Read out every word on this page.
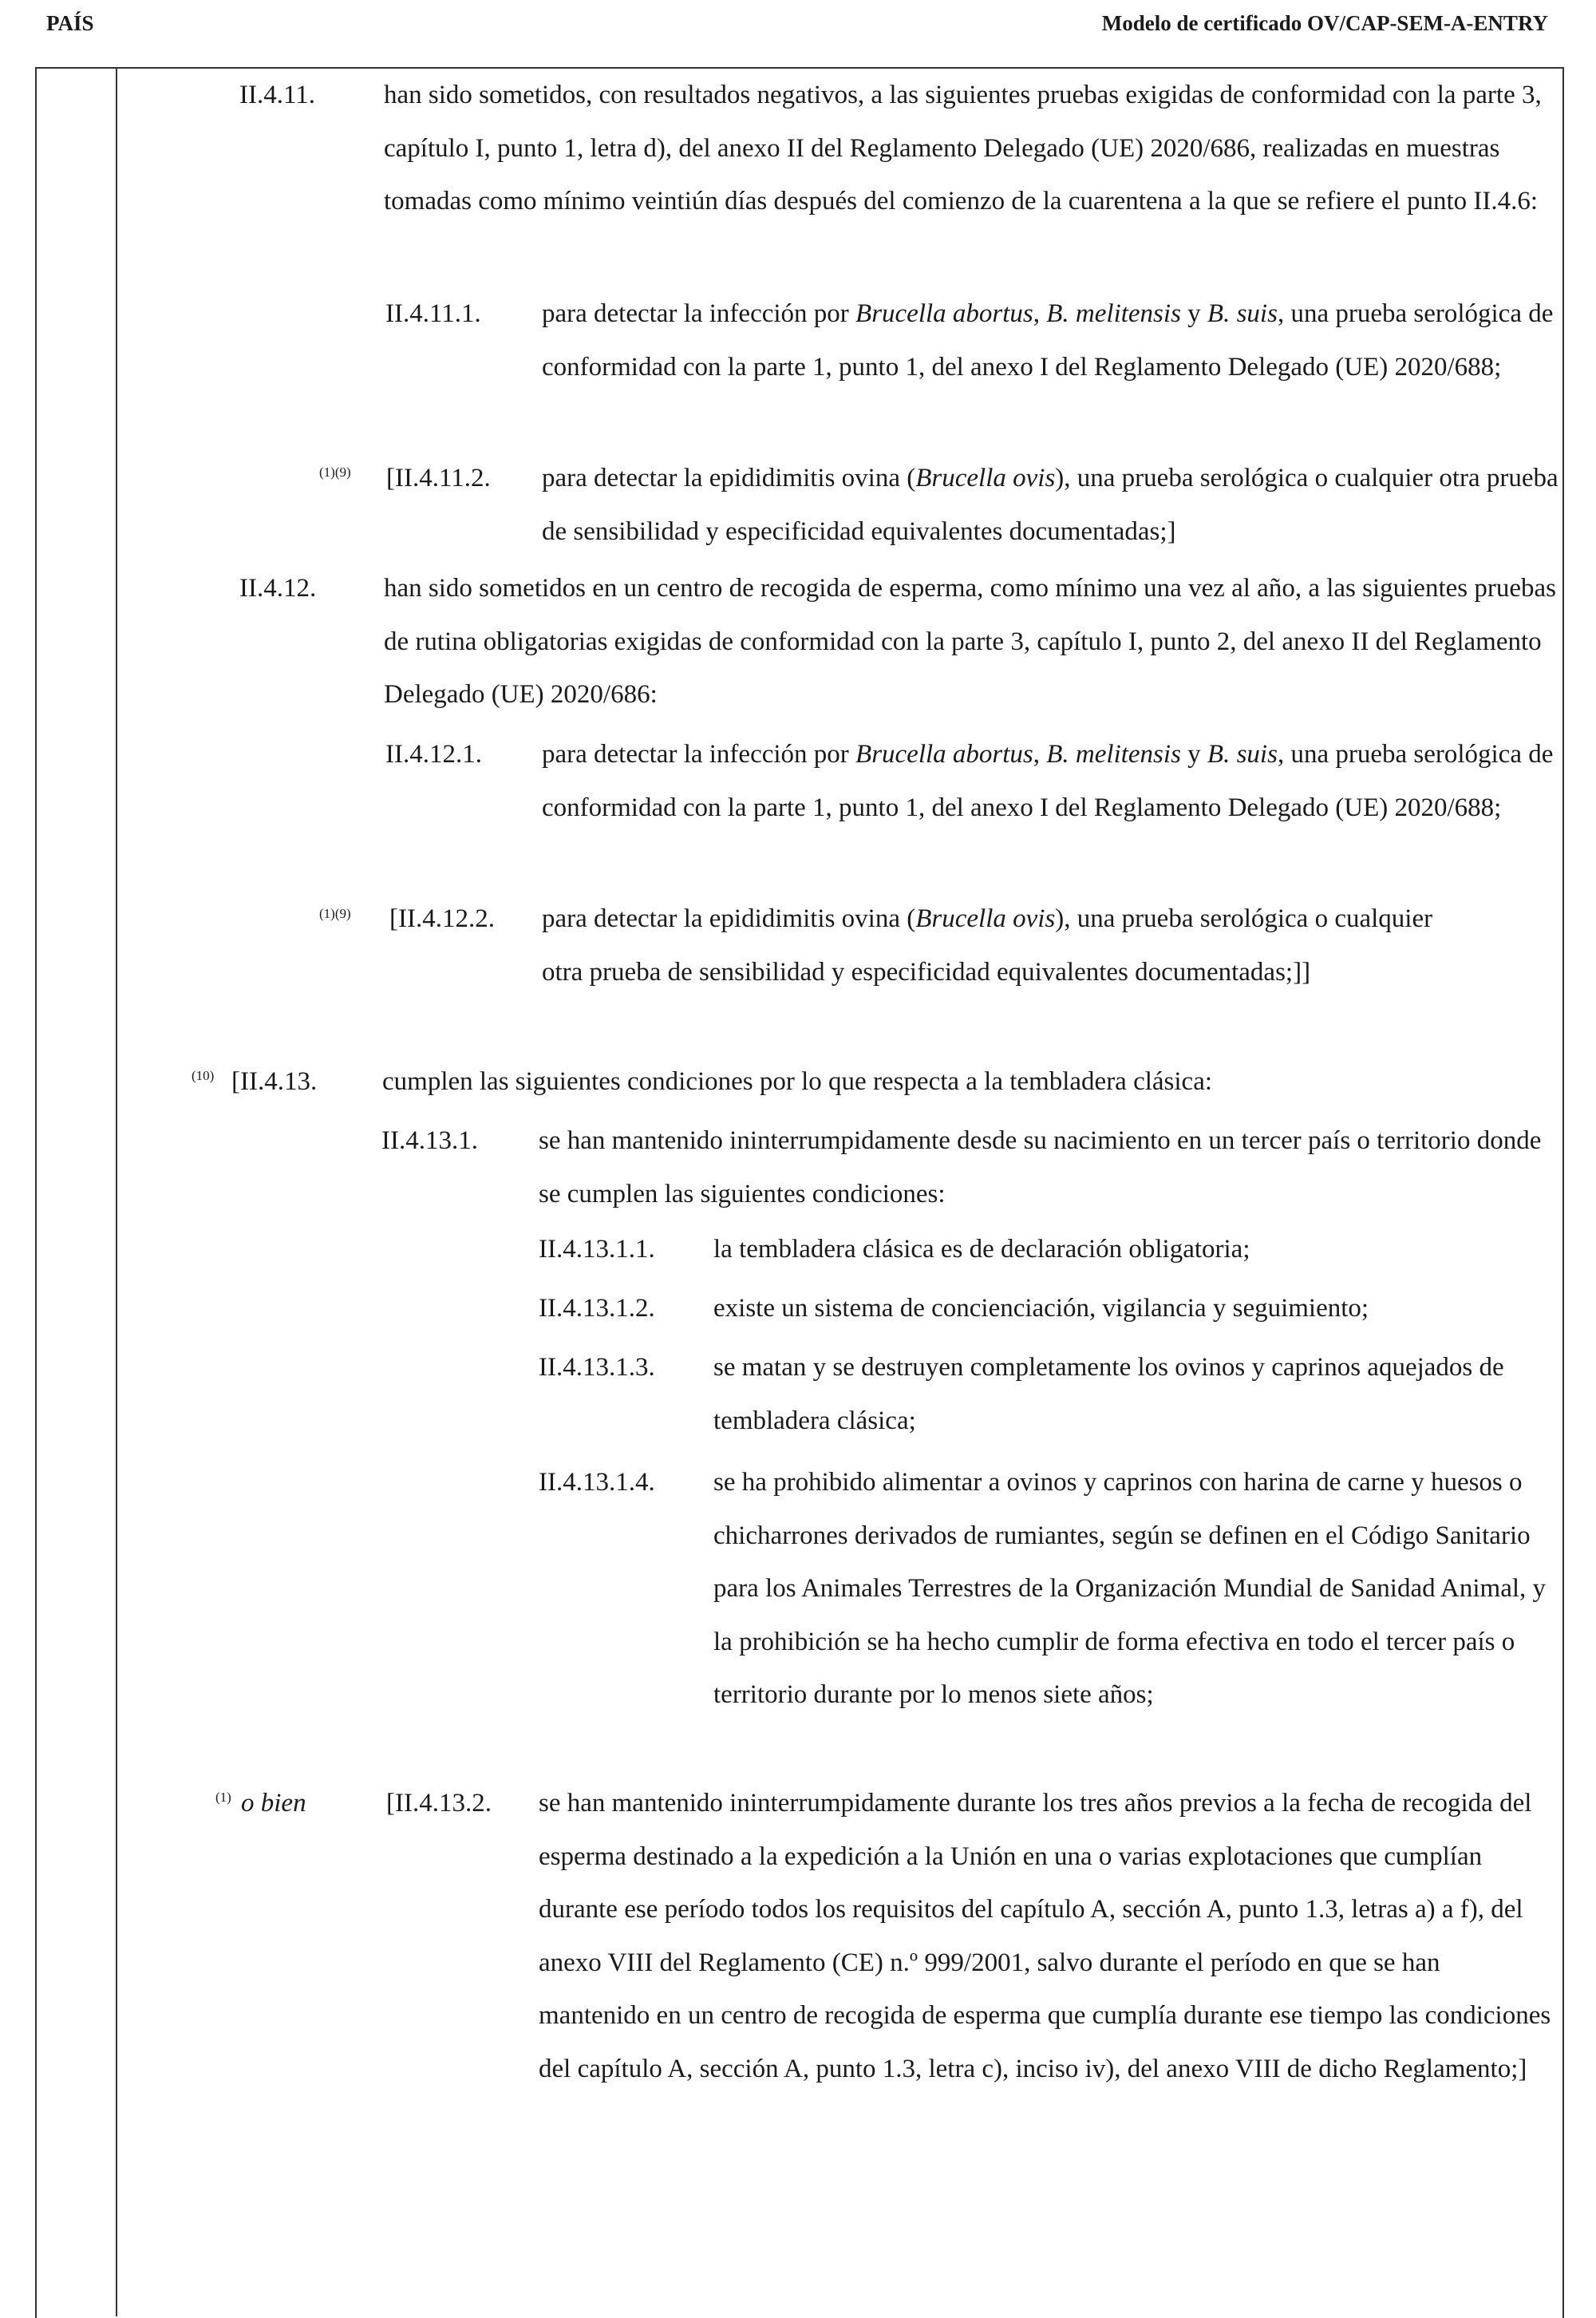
PAÍS	Modelo de certificado OV/CAP-SEM-A-ENTRY
II.4.11.	han sido sometidos, con resultados negativos, a las siguientes pruebas exigidas de conformidad con la parte 3, capítulo I, punto 1, letra d), del anexo II del Reglamento Delegado (UE) 2020/686, realizadas en muestras tomadas como mínimo veintiún días después del comienzo de la cuarentena a la que se refiere el punto II.4.6:
II.4.11.1. para detectar la infección por Brucella abortus, B. melitensis y B. suis, una prueba serológica de conformidad con la parte 1, punto 1, del anexo I del Reglamento Delegado (UE) 2020/688;
(1)(9) [II.4.11.2. para detectar la epididimitis ovina (Brucella ovis), una prueba serológica o cualquier otra prueba de sensibilidad y especificidad equivalentes documentadas;]
II.4.12.	han sido sometidos en un centro de recogida de esperma, como mínimo una vez al año, a las siguientes pruebas de rutina obligatorias exigidas de conformidad con la parte 3, capítulo I, punto 2, del anexo II del Reglamento Delegado (UE) 2020/686:
II.4.12.1. para detectar la infección por Brucella abortus, B. melitensis y B. suis, una prueba serológica de conformidad con la parte 1, punto 1, del anexo I del Reglamento Delegado (UE) 2020/688;
(1)(9) [II.4.12.2. para detectar la epididimitis ovina (Brucella ovis), una prueba serológica o cualquier otra prueba de sensibilidad y especificidad equivalentes documentadas;]]
(10) [II.4.13. cumplen las siguientes condiciones por lo que respecta a la tembladera clásica:
II.4.13.1. se han mantenido ininterrumpidamente desde su nacimiento en un tercer país o territorio donde se cumplen las siguientes condiciones:
II.4.13.1.1. la tembladera clásica es de declaración obligatoria;
II.4.13.1.2. existe un sistema de concienciación, vigilancia y seguimiento;
II.4.13.1.3. se matan y se destruyen completamente los ovinos y caprinos aquejados de tembladera clásica;
II.4.13.1.4. se ha prohibido alimentar a ovinos y caprinos con harina de carne y huesos o chicharrones derivados de rumiantes, según se definen en el Código Sanitario para los Animales Terrestres de la Organización Mundial de Sanidad Animal, y la prohibición se ha hecho cumplir de forma efectiva en todo el tercer país o territorio durante por lo menos siete años;
(1) o bien	[II.4.13.2. se han mantenido ininterrumpidamente durante los tres años previos a la fecha de recogida del esperma destinado a la expedición a la Unión en una o varias explotaciones que cumplían durante ese período todos los requisitos del capítulo A, sección A, punto 1.3, letras a) a f), del anexo VIII del Reglamento (CE) n.º 999/2001, salvo durante el período en que se han mantenido en un centro de recogida de esperma que cumplía durante ese tiempo las condiciones del capítulo A, sección A, punto 1.3, letra c), inciso iv), del anexo VIII de dicho Reglamento;]
